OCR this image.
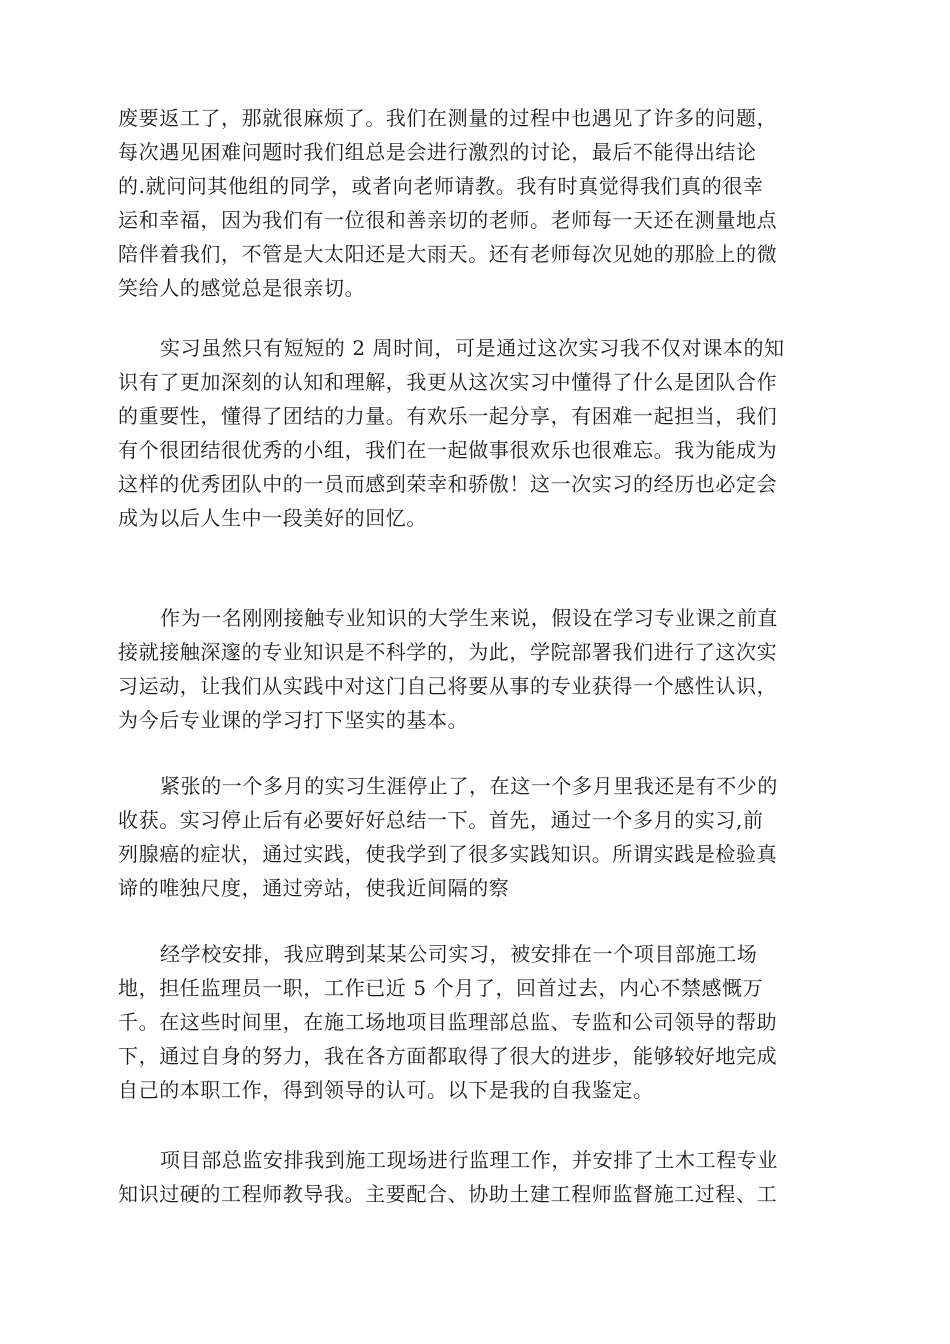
废要返工了，那就很麻烦了。我们在测量的过程中也遇见了许多的问题，
每次遇见困难问题时我们组总是会进行激烈的讨论，最后不能得出结论
的.就问问其他组的同学，或者向老师请教。我有时真觉得我们真的很幸
运和幸福，因为我们有一位很和善亲切的老师。老师每一天还在测量地点
陪伴着我们，不管是大太阳还是大雨天。还有老师每次见她的那脸上的微
笑给人的感觉总是很亲切。
实习虽然只有短短的 2 周时间，可是通过这次实习我不仅对课本的知
识有了更加深刻的认知和理解，我更从这次实习中懂得了什么是团队合作
的重要性，懂得了团结的力量。有欢乐一起分享，有困难一起担当，我们
有个很团结很优秀的小组，我们在一起做事很欢乐也很难忘。我为能成为
这样的优秀团队中的一员而感到荣幸和骄傲！这一次实习的经历也必定会
成为以后人生中一段美好的回忆。
作为一名刚刚接触专业知识的大学生来说，假设在学习专业课之前直
接就接触深邃的专业知识是不科学的，为此，学院部署我们进行了这次实
习运动，让我们从实践中对这门自己将要从事的专业获得一个感性认识，
为今后专业课的学习打下坚实的基本。
紧张的一个多月的实习生涯停止了，在这一个多月里我还是有不少的
收获。实习停止后有必要好好总结一下。首先，通过一个多月的实习,前
列腺癌的症状，通过实践，使我学到了很多实践知识。所谓实践是检验真
谛的唯独尺度，通过旁站，使我近间隔的察
经学校安排，我应聘到某某公司实习，被安排在一个项目部施工场
地，担任监理员一职，工作已近 5 个月了，回首过去，内心不禁感慨万
千。在这些时间里，在施工场地项目监理部总监、专监和公司领导的帮助
下，通过自身的努力，我在各方面都取得了很大的进步，能够较好地完成
自己的本职工作，得到领导的认可。以下是我的自我鉴定。
项目部总监安排我到施工现场进行监理工作，并安排了土木工程专业
知识过硬的工程师教导我。主要配合、协助土建工程师监督施工过程、工
